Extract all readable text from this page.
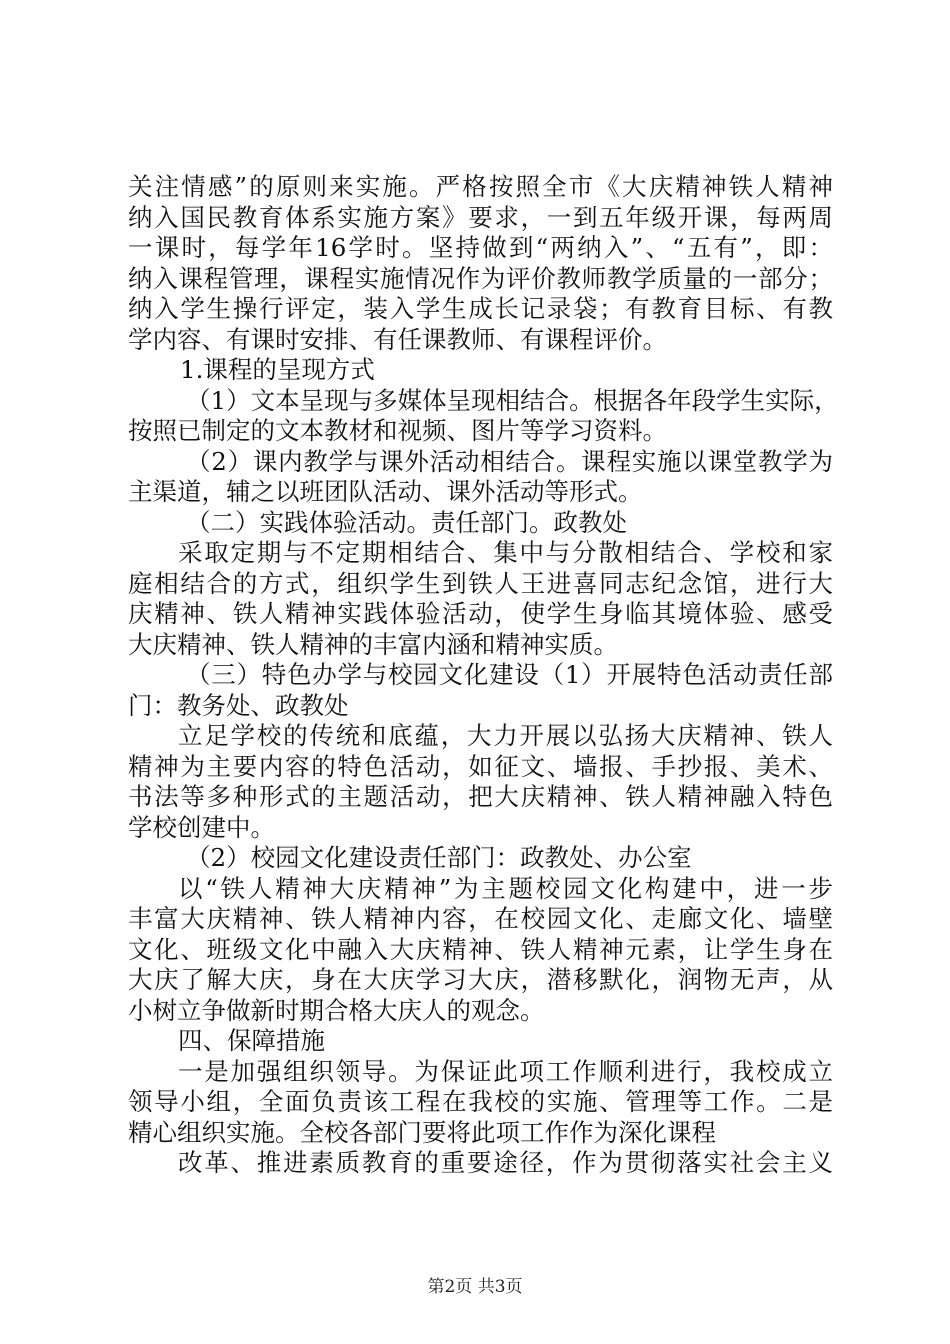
关注情感”的原则来实施。严格按照全市《大庆精神铁人精神
纳入国民教育体系实施方案》要求，一到五年级开课，每两周
一课时，每学年16学时。坚持做到“两纳入”、“五有”，即：
纳入课程管理，课程实施情况作为评价教师教学质量的一部分；
纳入学生操行评定，装入学生成长记录袋；有教育目标、有教
学内容、有课时安排、有任课教师、有课程评价。
1.课程的呈现方式
（1）文本呈现与多媒体呈现相结合。根据各年段学生实际，
按照已制定的文本教材和视频、图片等学习资料。
（2）课内教学与课外活动相结合。课程实施以课堂教学为
主渠道，辅之以班团队活动、课外活动等形式。
（二）实践体验活动。责任部门。政教处
采取定期与不定期相结合、集中与分散相结合、学校和家
庭相结合的方式，组织学生到铁人王进喜同志纪念馆，进行大
庆精神、铁人精神实践体验活动，使学生身临其境体验、感受
大庆精神、铁人精神的丰富内涵和精神实质。
（三）特色办学与校园文化建设（1）开展特色活动责任部
门：教务处、政教处
立足学校的传统和底蕴，大力开展以弘扬大庆精神、铁人
精神为主要内容的特色活动，如征文、墙报、手抄报、美术、
书法等多种形式的主题活动，把大庆精神、铁人精神融入特色
学校创建中。
（2）校园文化建设责任部门：政教处、办公室
以“铁人精神大庆精神”为主题校园文化构建中，进一步
丰富大庆精神、铁人精神内容，在校园文化、走廊文化、墙壁
文化、班级文化中融入大庆精神、铁人精神元素，让学生身在
大庆了解大庆，身在大庆学习大庆，潜移默化，润物无声，从
小树立争做新时期合格大庆人的观念。
四、保障措施
一是加强组织领导。为保证此项工作顺利进行，我校成立
领导小组，全面负责该工程在我校的实施、管理等工作。二是
精心组织实施。全校各部门要将此项工作作为深化课程
改革、推进素质教育的重要途径，作为贯彻落实社会主义
第2页 共3页
